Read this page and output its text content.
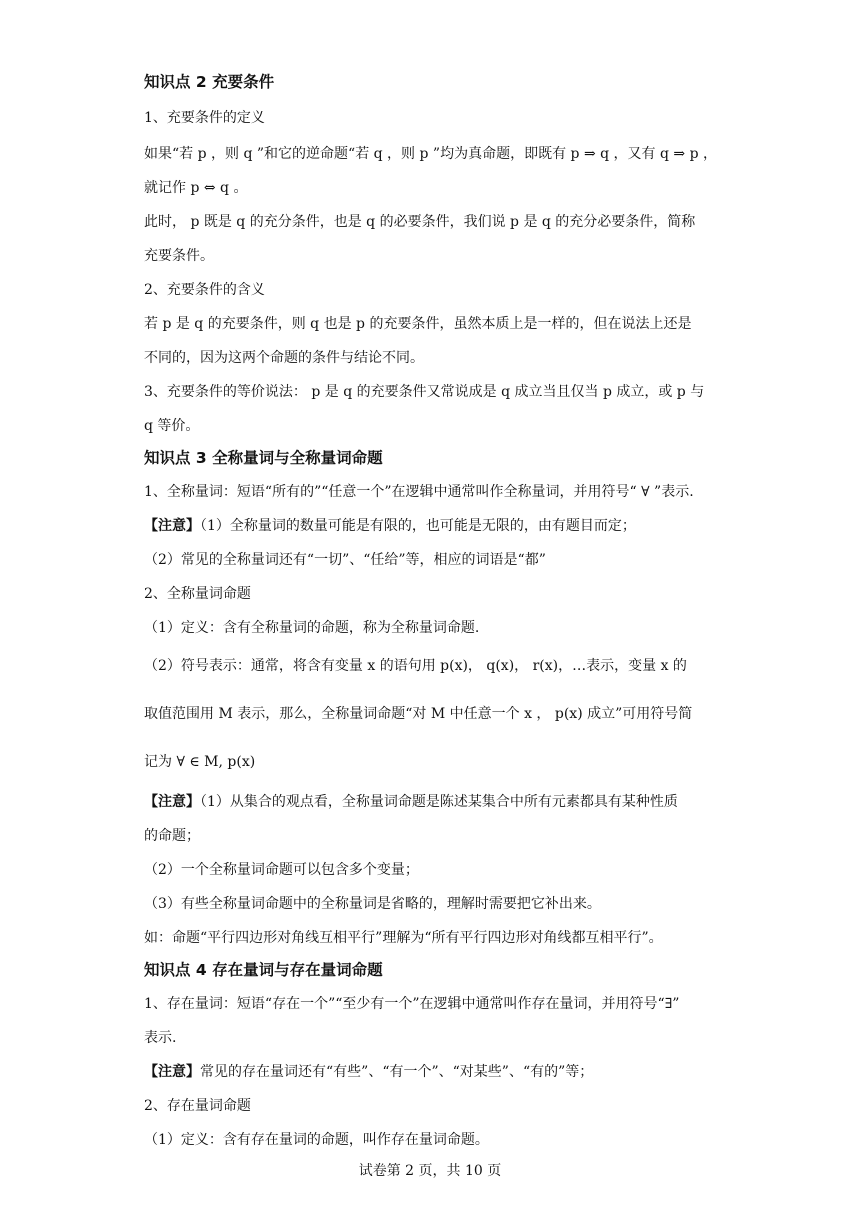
知识点 2 充要条件
1、充要条件的定义
如果“若 p ，则 q ”和它的逆命题“若 q ，则 p ”均为真命题，即既有 p ⇒ q ，又有 q ⇒ p ，
就记作 p ⇔ q 。
此时， p 既是 q 的充分条件，也是 q 的必要条件，我们说 p 是 q 的充分必要条件，简称
充要条件。
2、充要条件的含义
若 p 是 q 的充要条件，则 q 也是 p 的充要条件，虽然本质上是一样的，但在说法上还是
不同的，因为这两个命题的条件与结论不同。
3、充要条件的等价说法： p 是 q 的充要条件又常说成是 q 成立当且仅当 p 成立，或 p 与
q 等价。
知识点 3 全称量词与全称量词命题
1、全称量词：短语“所有的”“任意一个”在逻辑中通常叫作全称量词，并用符号“ ∀ ”表示.
【注意】（1）全称量词的数量可能是有限的，也可能是无限的，由有题目而定；
（2）常见的全称量词还有“一切”、“任给”等，相应的词语是“都”
2、全称量词命题
（1）定义：含有全称量词的命题，称为全称量词命题.
（2）符号表示：通常，将含有变量 x 的语句用 p(x)， q(x)， r(x)，…表示，变量 x 的
取值范围用 M 表示，那么，全称量词命题“对 M 中任意一个 x ， p(x) 成立”可用符号简
记为 ∀ ∈ M, p(x)
【注意】（1）从集合的观点看，全称量词命题是陈述某集合中所有元素都具有某种性质
的命题；
（2）一个全称量词命题可以包含多个变量；
（3）有些全称量词命题中的全称量词是省略的，理解时需要把它补出来。
如：命题“平行四边形对角线互相平行”理解为“所有平行四边形对角线都互相平行”。
知识点 4 存在量词与存在量词命题
1、存在量词：短语“存在一个”“至少有一个”在逻辑中通常叫作存在量词，并用符号“∃”
表示.
【注意】常见的存在量词还有“有些”、“有一个”、“对某些”、“有的”等；
2、存在量词命题
（1）定义：含有存在量词的命题，叫作存在量词命题。
试卷第 2 页，共 10 页
